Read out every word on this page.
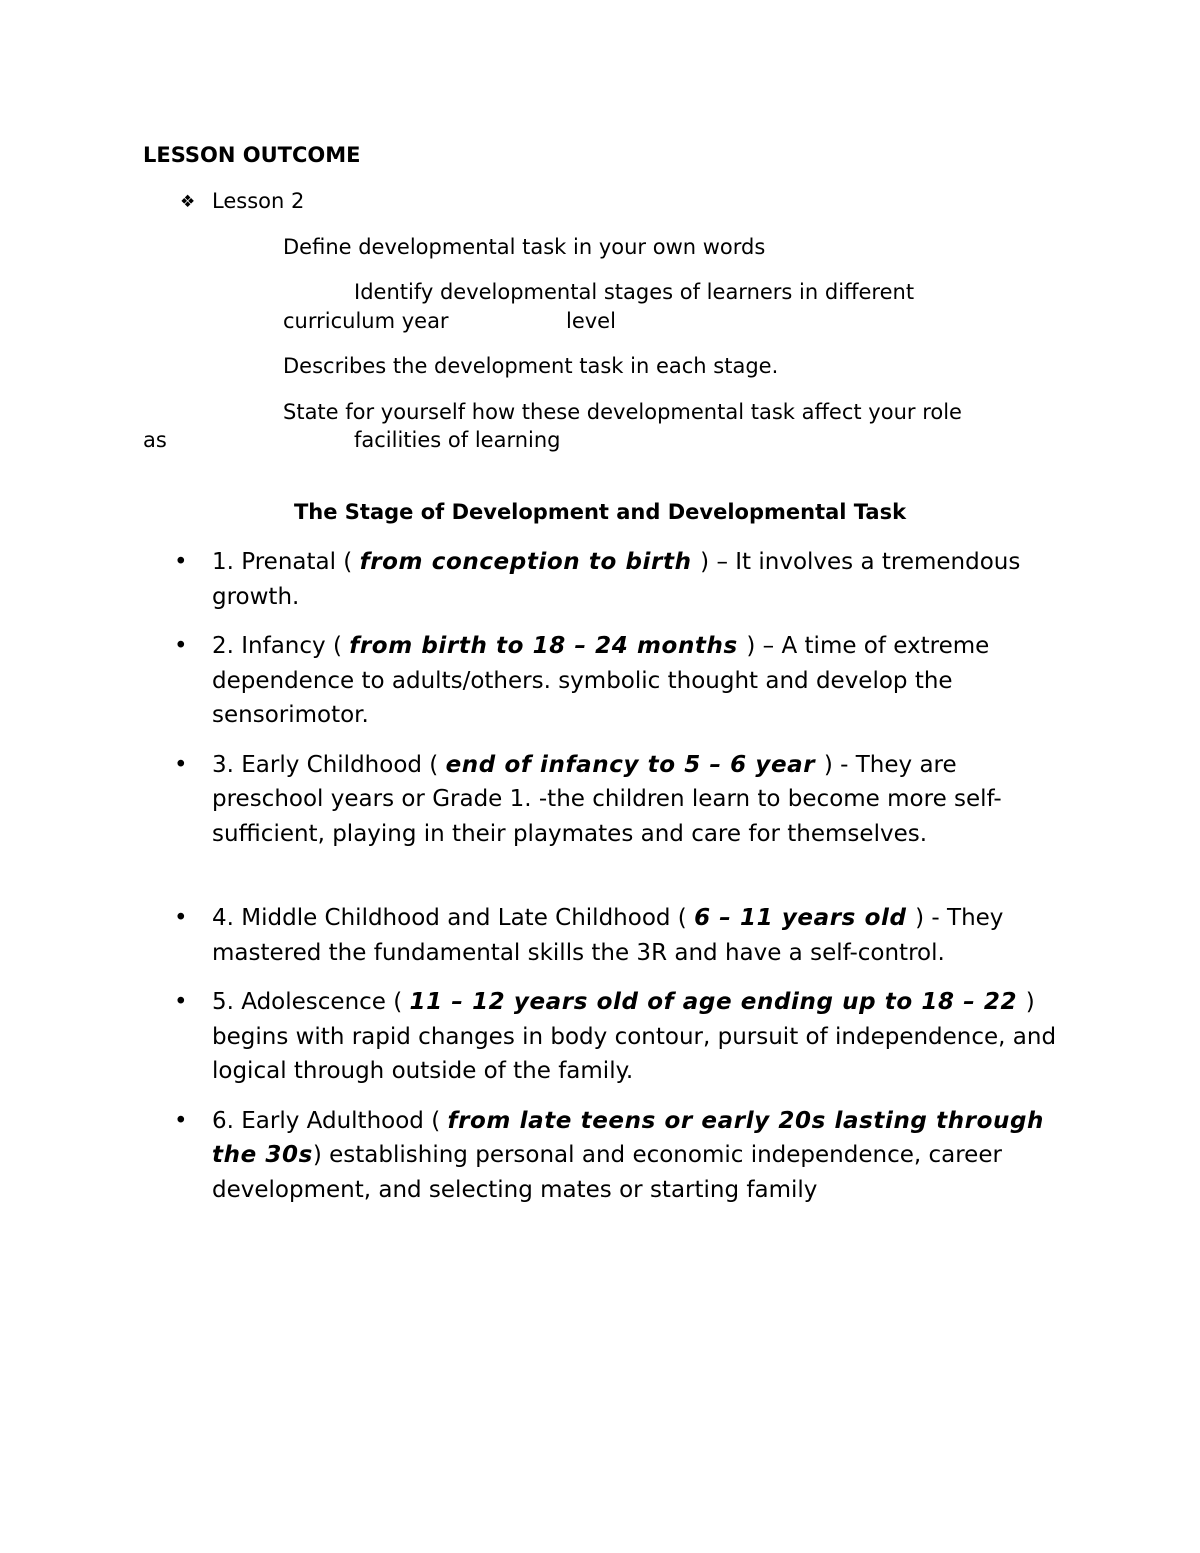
LESSON OUTCOME
❖ Lesson 2
Define developmental task in your own words
Identify developmental stages of learners in different
curriculum year	level
Describes the development task in each stage.
State for yourself how these developmental task affect your role
as	facilities of learning
The Stage of Development and Developmental Task
• 1. Prenatal ( from conception to birth ) – It involves a tremendous growth.
• 2. Infancy ( from birth to 18 – 24 months ) – A time of extreme dependence to adults/others. symbolic thought and develop the sensorimotor.
• 3. Early Childhood ( end of infancy to 5 – 6 year ) - They are preschool years or Grade 1. -the children learn to become more self-sufficient, playing in their playmates and care for themselves.
• 4. Middle Childhood and Late Childhood ( 6 – 11 years old ) - They mastered the fundamental skills the 3R and have a self-control.
• 5. Adolescence ( 11 – 12 years old of age ending up to 18 – 22 ) begins with rapid changes in body contour, pursuit of independence, and logical through outside of the family.
• 6. Early Adulthood ( from late teens or early 20s lasting through the 30s) establishing personal and economic independence, career development, and selecting mates or starting family
